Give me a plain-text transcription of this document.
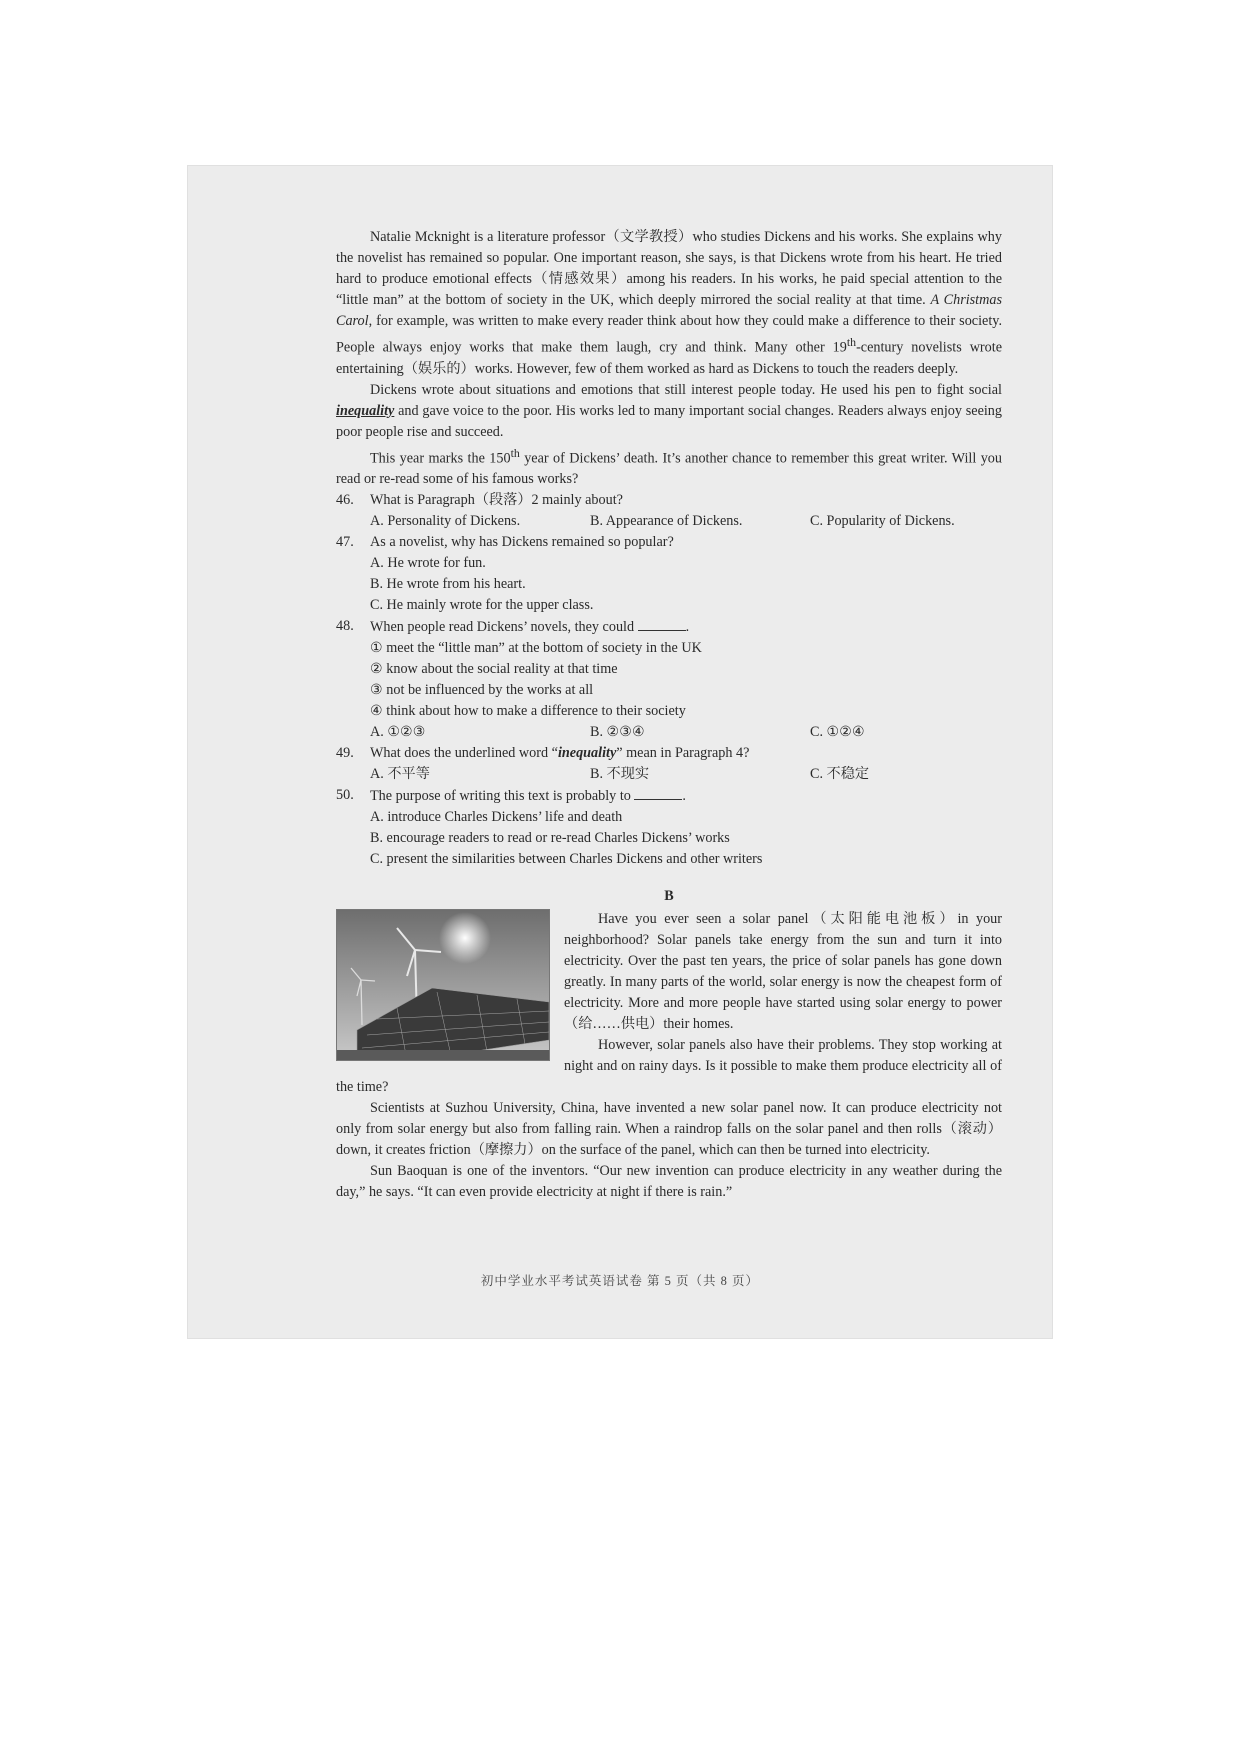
Natalie Mcknight is a literature professor（文学教授）who studies Dickens and his works. She explains why the novelist has remained so popular. One important reason, she says, is that Dickens wrote from his heart. He tried hard to produce emotional effects（情感效果）among his readers. In his works, he paid special attention to the “little man” at the bottom of society in the UK, which deeply mirrored the social reality at that time. A Christmas Carol, for example, was written to make every reader think about how they could make a difference to their society. People always enjoy works that make them laugh, cry and think. Many other 19th-century novelists wrote entertaining（娱乐的）works. However, few of them worked as hard as Dickens to touch the readers deeply.

Dickens wrote about situations and emotions that still interest people today. He used his pen to fight social inequality and gave voice to the poor. His works led to many important social changes. Readers always enjoy seeing poor people rise and succeed.

This year marks the 150th year of Dickens’ death. It’s another chance to remember this great writer. Will you read or re-read some of his famous works?

46.	What is Paragraph（段落）2 mainly about?
A. Personality of Dickens.	B. Appearance of Dickens.	C. Popularity of Dickens.
47.	As a novelist, why has Dickens remained so popular?
A. He wrote for fun.
B. He wrote from his heart.
C. He mainly wrote for the upper class.
48.	When people read Dickens’ novels, they could	.
① meet the “little man” at the bottom of society in the UK
② know about the social reality at that time
③ not be influenced by the works at all
④ think about how to make a difference to their society
A. ①②③	B. ②③④	C. ①②④
49.	What does the underlined word “inequality” mean in Paragraph 4?
A. 不平等	B. 不现实	C. 不稳定
50.	The purpose of writing this text is probably to	.
A. introduce Charles Dickens’ life and death
B. encourage readers to read or re-read Charles Dickens’ works
C. present the similarities between Charles Dickens and other writers
B

Have you ever seen a solar panel（太阳能电池板）in your neighborhood? Solar panels take energy from the sun and turn it into electricity. Over the past ten years, the price of solar panels has gone down greatly. In many parts of the world, solar energy is now the cheapest form of electricity. More and more people have started using solar energy to power（给……供电）their homes.

However, solar panels also have their problems. They stop working at night and on rainy days. Is it possible to make them produce electricity all of the time?

Scientists at Suzhou University, China, have invented a new solar panel now. It can produce electricity not only from solar energy but also from falling rain. When a raindrop falls on the solar panel and then rolls（滚动）down, it creates friction（摩擦力）on the surface of the panel, which can then be turned into electricity.

Sun Baoquan is one of the inventors. “Our new invention can produce electricity in any weather during the day,” he says. “It can even provide electricity at night if there is rain.”

初中学业水平考试英语试卷 第 5 页（共 8 页）
